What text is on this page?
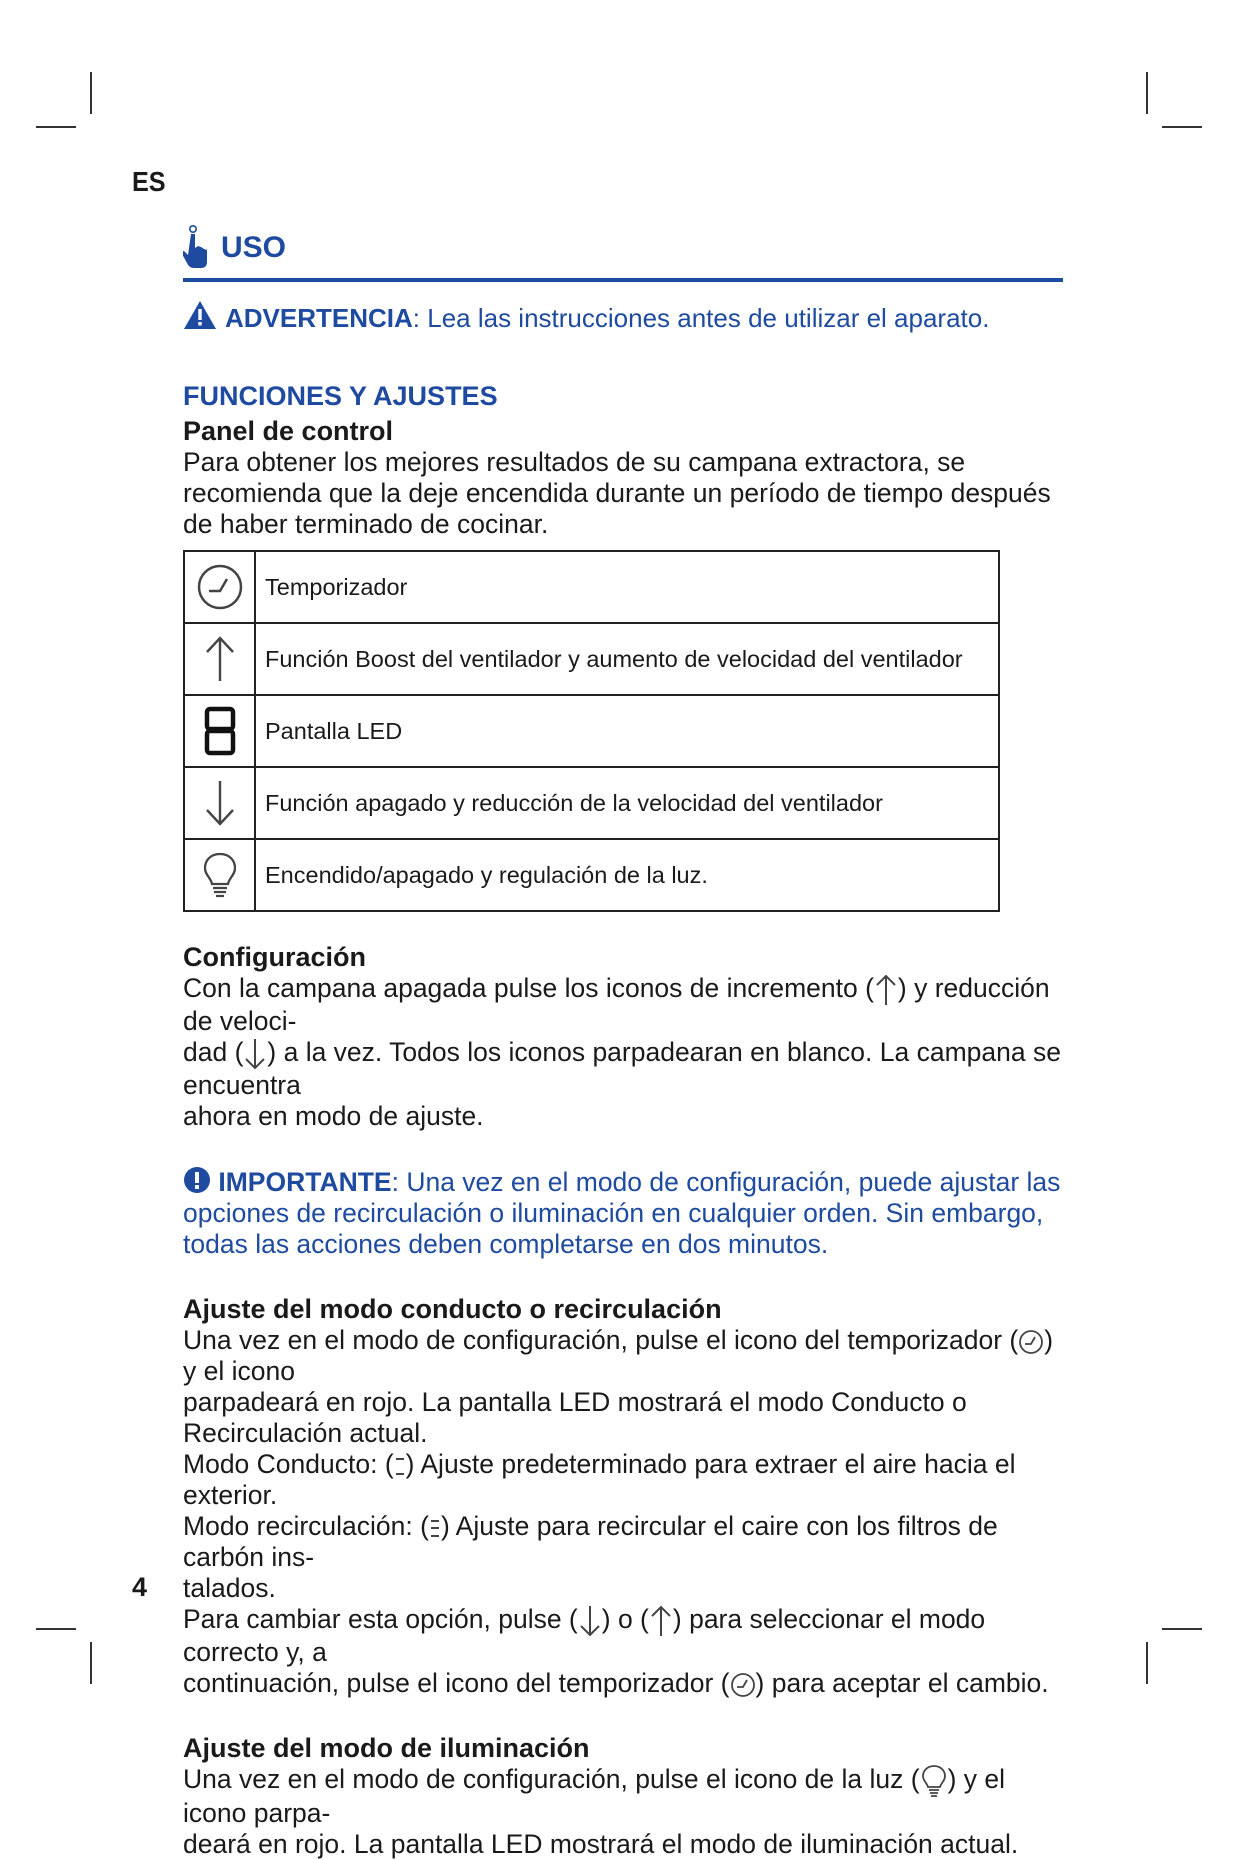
ES
USO
ADVERTENCIA: Lea las instrucciones antes de utilizar el aparato.
FUNCIONES Y AJUSTES
Panel de control

Para obtener los mejores resultados de su campana extractora, se recomienda que la deje encendida durante un período de tiempo después de haber terminado de cocinar.

	Temporizador

	Función Boost del ventilador y aumento de velocidad del ventilador

	Pantalla LED

	Función apagado y reducción de la velocidad del ventilador

	Encendido/apagado y regulación de la luz.
Configuración

Con la campana apagada pulse los iconos de incremento ( ) y reducción de veloci-
dad ( ) a la vez. Todos los iconos parpadearan en blanco. La campana se encuentra
ahora en modo de ajuste.

IMPORTANTE: Una vez en el modo de configuración, puede ajustar las opciones de recirculación o iluminación en cualquier orden. Sin embargo, todas las acciones deben completarse en dos minutos.
Ajuste del modo conducto o recirculación

Una vez en el modo de configuración, pulse el icono del temporizador ( ) y el icono
parpadeará en rojo. La pantalla LED mostrará el modo Conducto o Recirculación actual.
Modo Conducto: ( ) Ajuste predeterminado para extraer el aire hacia el exterior.
Modo recirculación: ( ) Ajuste para recircular el caire con los filtros de carbón ins-
talados.
Para cambiar esta opción, pulse ( ) o ( ) para seleccionar el modo correcto y, a
continuación, pulse el icono del temporizador ( ) para aceptar el cambio.

Ajuste del modo de iluminación

Una vez en el modo de configuración, pulse el icono de la luz ( ) y el icono parpa-
deará en rojo. La pantalla LED mostrará el modo de iluminación actual.

4
